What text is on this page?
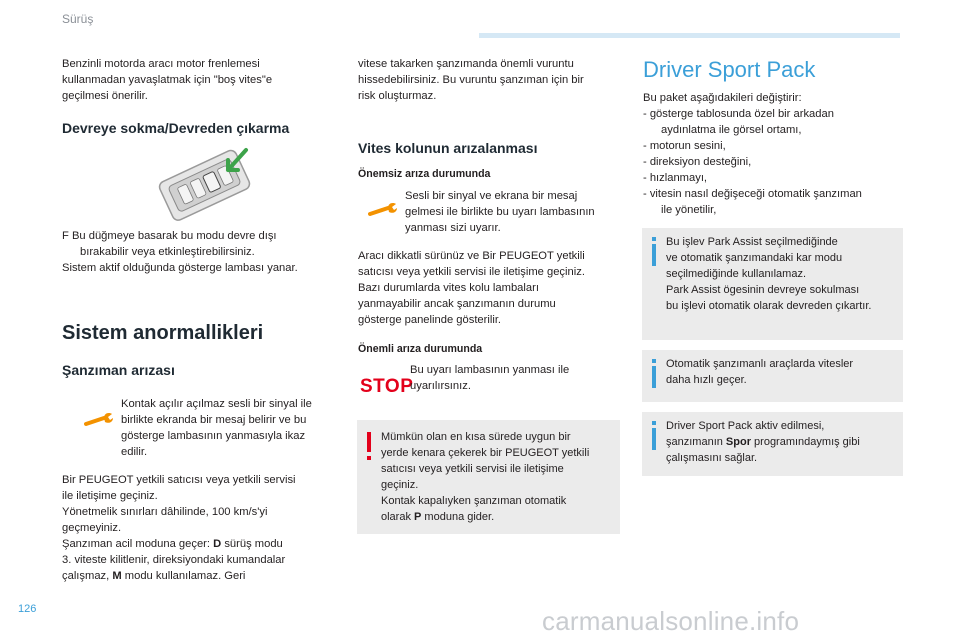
Sürüş
Benzinli motorda aracı motor frenlemesi
kullanmadan yavaşlatmak için "boş vites"e
geçilmesi önerilir.
Devreye sokma/Devreden çıkarma
F Bu düğmeye basarak bu modu devre dışı
bırakabilir veya etkinleştirebilirsiniz.
Sistem aktif olduğunda gösterge lambası yanar.
Sistem anormallikleri
Şanzıman arızası
Kontak açılır açılmaz sesli bir sinyal ile
birlikte ekranda bir mesaj belirir ve bu
gösterge lambasının yanmasıyla ikaz
edilir.
Bir PEUGEOT yetkili satıcısı veya yetkili servisi
ile iletişime geçiniz.
Yönetmelik sınırları dâhilinde, 100 km/s'yi
geçmeyiniz.
Şanzıman acil moduna geçer: D sürüş modu
3. viteste kilitlenir, direksiyondaki kumandalar
çalışmaz, M modu kullanılamaz. Geri
vitese takarken şanzımanda önemli vuruntu
hissedebilirsiniz. Bu vuruntu şanzıman için bir
risk oluşturmaz.
Vites kolunun arızalanması
Önemsiz arıza durumunda
Sesli bir sinyal ve ekrana bir mesaj
gelmesi ile birlikte bu uyarı lambasının
yanması sizi uyarır.
Aracı dikkatli sürünüz ve Bir PEUGEOT yetkili
satıcısı veya yetkili servisi ile iletişime geçiniz.
Bazı durumlarda vites kolu lambaları
yanmayabilir ancak şanzımanın durumu
gösterge panelinde gösterilir.
Önemli arıza durumunda
STOP
Bu uyarı lambasının yanması ile
uyarılırsınız.
Mümkün olan en kısa sürede uygun bir
yerde kenara çekerek bir PEUGEOT yetkili
satıcısı veya yetkili servisi ile iletişime
geçiniz.
Kontak kapalıyken şanzıman otomatik
olarak P moduna gider.
Driver Sport Pack
Bu paket aşağıdakileri değiştirir:
- gösterge tablosunda özel bir arkadan
aydınlatma ile görsel ortamı,
- motorun sesini,
- direksiyon desteğini,
- hızlanmayı,
- vitesin nasıl değişeceği otomatik şanzıman
ile yönetilir,
Bu işlev Park Assist seçilmediğinde
ve otomatik şanzımandaki kar modu
seçilmediğinde kullanılamaz.
Park Assist ögesinin devreye sokulması
bu işlevi otomatik olarak devreden çıkartır.
Otomatik şanzımanlı araçlarda vitesler
daha hızlı geçer.
Driver Sport Pack aktiv edilmesi,
şanzımanın Spor programındaymış gibi
çalışmasını sağlar.
126	carmanualsonline.info
